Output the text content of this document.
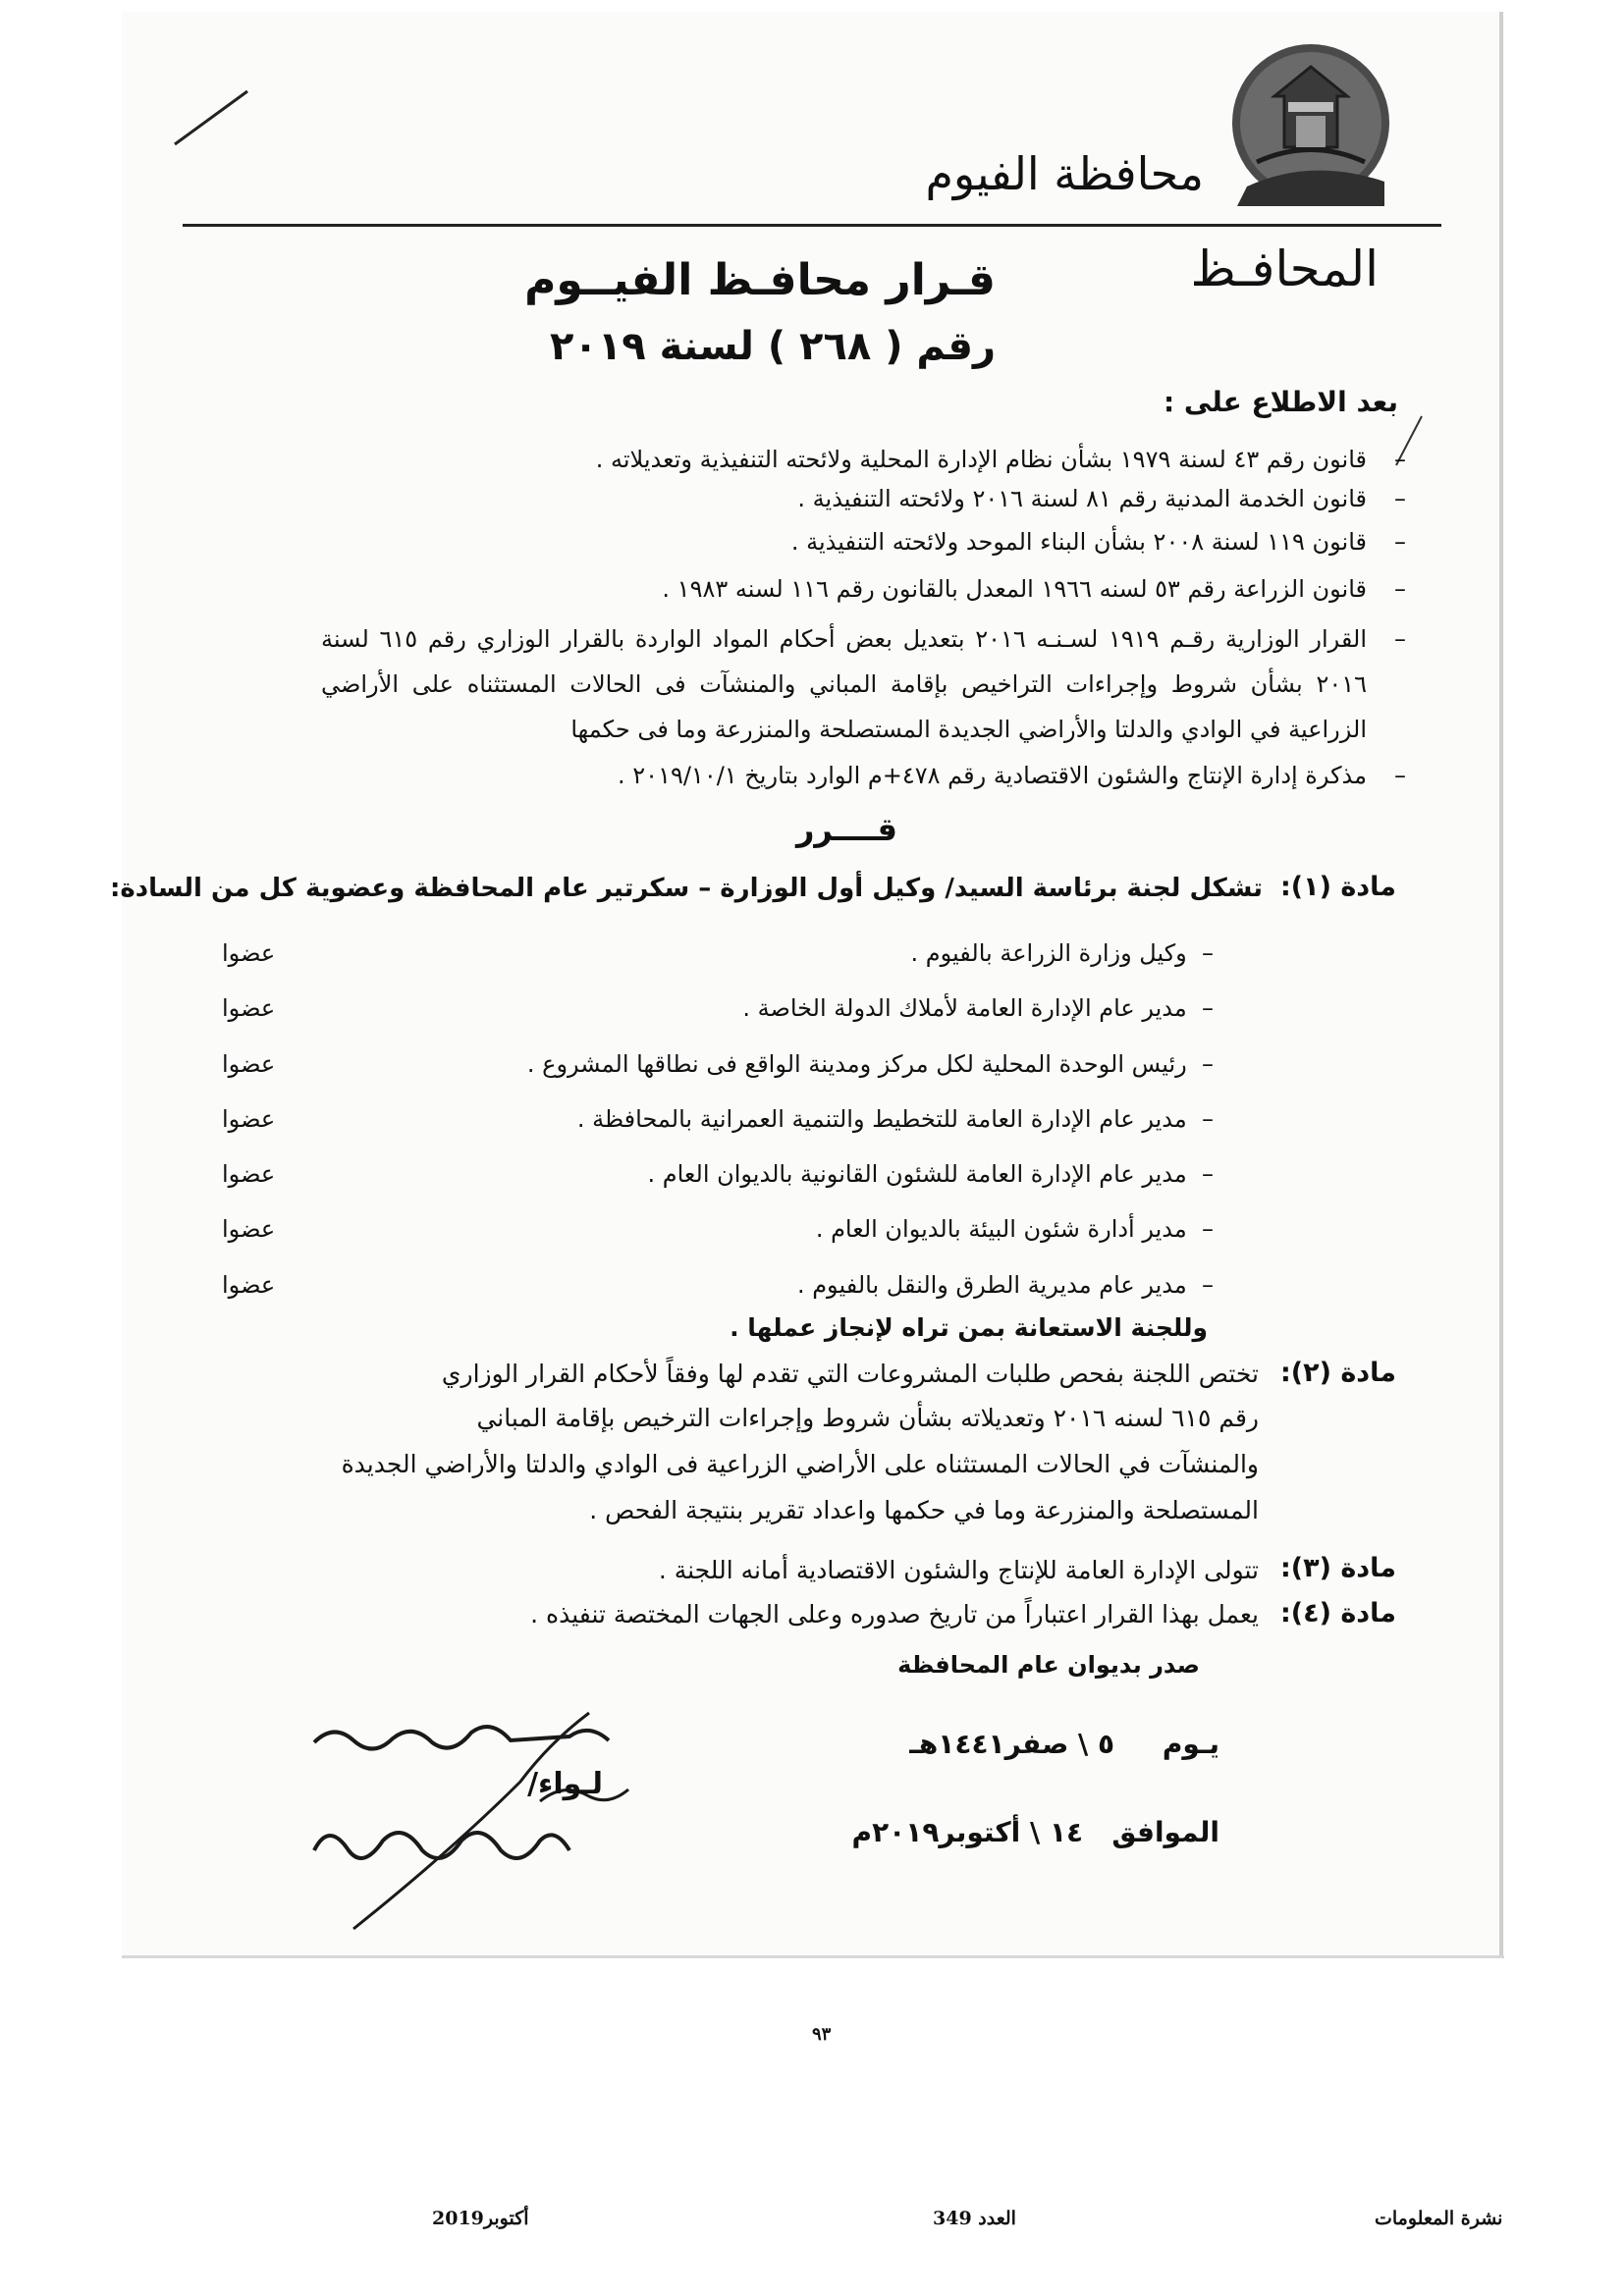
محافظة الفيوم
المحافـظ
قـرار محافـظ الفيــوم
رقم ( ٢٦٨ ) لسنة ٢٠١٩
بعد الاطلاع على :
–
قانون رقم ٤٣ لسنة ١٩٧٩ بشأن نظام الإدارة المحلية ولائحته التنفيذية وتعديلاته .
–
قانون الخدمة المدنية رقم ٨١ لسنة ٢٠١٦ ولائحته التنفيذية .
–
قانون ١١٩ لسنة ٢٠٠٨ بشأن البناء الموحد ولائحته التنفيذية .
–
قانون الزراعة رقم ٥٣ لسنه ١٩٦٦ المعدل بالقانون رقم ١١٦ لسنه ١٩٨٣ .
–
القرار الوزارية رقـم ١٩١٩ لسـنـه ٢٠١٦ بتعديل بعض أحكام المواد الواردة بالقرار الوزاري رقم ٦١٥ لسنة ٢٠١٦ بشأن شروط وإجراءات التراخيص بإقامة المباني والمنشآت فى الحالات المستثناه على الأراضي الزراعية في الوادي والدلتا والأراضي الجديدة المستصلحة والمنزرعة وما فى حكمها
–
مذكرة إدارة الإنتاج والشئون الاقتصادية رقم ٤٧٨+م الوارد بتاريخ ٢٠١٩/١٠/١ .
قــــرر
مادة (١):
تشكل لجنة برئاسة السيد/ وكيل أول الوزارة – سكرتير عام المحافظة وعضوية كل من السادة:
–  وكيل وزارة الزراعة بالفيوم .
عضوا
–  مدير عام الإدارة العامة لأملاك الدولة الخاصة .
عضوا
–  رئيس الوحدة المحلية لكل مركز ومدينة الواقع فى نطاقها المشروع .
عضوا
–  مدير عام الإدارة العامة للتخطيط والتنمية العمرانية بالمحافظة .
عضوا
–  مدير عام الإدارة العامة للشئون القانونية بالديوان العام .
عضوا
–  مدير أدارة شئون البيئة بالديوان العام .
عضوا
–  مدير عام مديرية الطرق والنقل بالفيوم .
عضوا
وللجنة الاستعانة بمن تراه لإنجاز عملها .
مادة (٢):
تختص اللجنة بفحص طلبات المشروعات التي تقدم لها وفقاً لأحكام القرار الوزاري
رقم ٦١٥ لسنه ٢٠١٦ وتعديلاته بشأن شروط وإجراءات الترخيص بإقامة المباني
والمنشآت في الحالات المستثناه على الأراضي الزراعية فى الوادي والدلتا والأراضي الجديدة
المستصلحة والمنزرعة وما في حكمها واعداد تقرير بنتيجة الفحص .
مادة (٣):
تتولى الإدارة العامة للإنتاج والشئون الاقتصادية أمانه اللجنة .
مادة (٤):
يعمل بهذا القرار اعتباراً من تاريخ صدوره وعلى الجهات المختصة تنفيذه .
صدر بديوان عام المحافظة
يـوم     ٥ \ صفر١٤٤١هـ
الموافق   ١٤ \ أكتوبر٢٠١٩م
لـواء/
٩٣
نشرة المعلومات
العدد 349
أكتوبر2019
